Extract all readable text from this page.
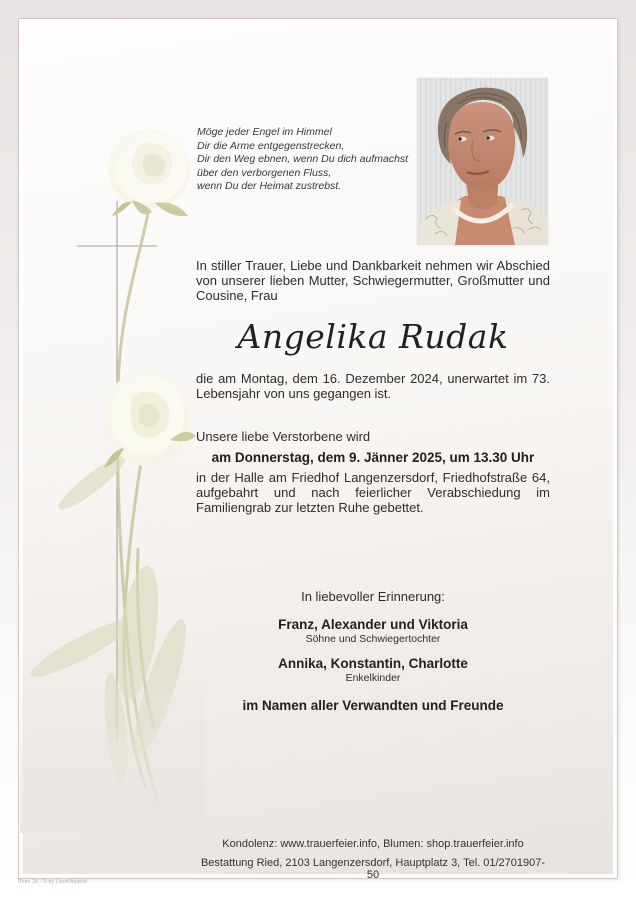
Möge jeder Engel im Himmel
Dir die Arme entgegenstrecken,
Dir den Weg ebnen, wenn Du dich aufmachst
über den verborgenen Fluss,
wenn Du der Heimat zustrebst.
In stiller Trauer, Liebe und Dankbarkeit nehmen wir Abschied von unserer lieben Mutter, Schwiegermutter, Großmutter und Cousine, Frau
Angelika Rudak
die am Montag, dem 16. Dezember 2024, unerwartet im 73. Lebensjahr von uns gegangen ist.
Unsere liebe Verstorbene wird
am Donnerstag, dem 9. Jänner 2025, um 13.30 Uhr
in der Halle am Friedhof Langenzersdorf, Friedhofstraße 64, aufgebahrt und nach feierlicher Verabschiedung im Familiengrab zur letzten Ruhe gebettet.
In liebevoller Erinnerung:
Franz, Alexander und Viktoria
Söhne und Schwiegertochter
Annika, Konstantin, Charlotte
Enkelkinder
im Namen aller Verwandten und Freunde
Kondolenz: www.trauerfeier.info, Blumen: shop.trauerfeier.info
Bestattung Ried, 2103 Langenzersdorf, Hauptplatz 3, Tel. 01/2701907-50
Rose 15 - © by Lisch/Austria
